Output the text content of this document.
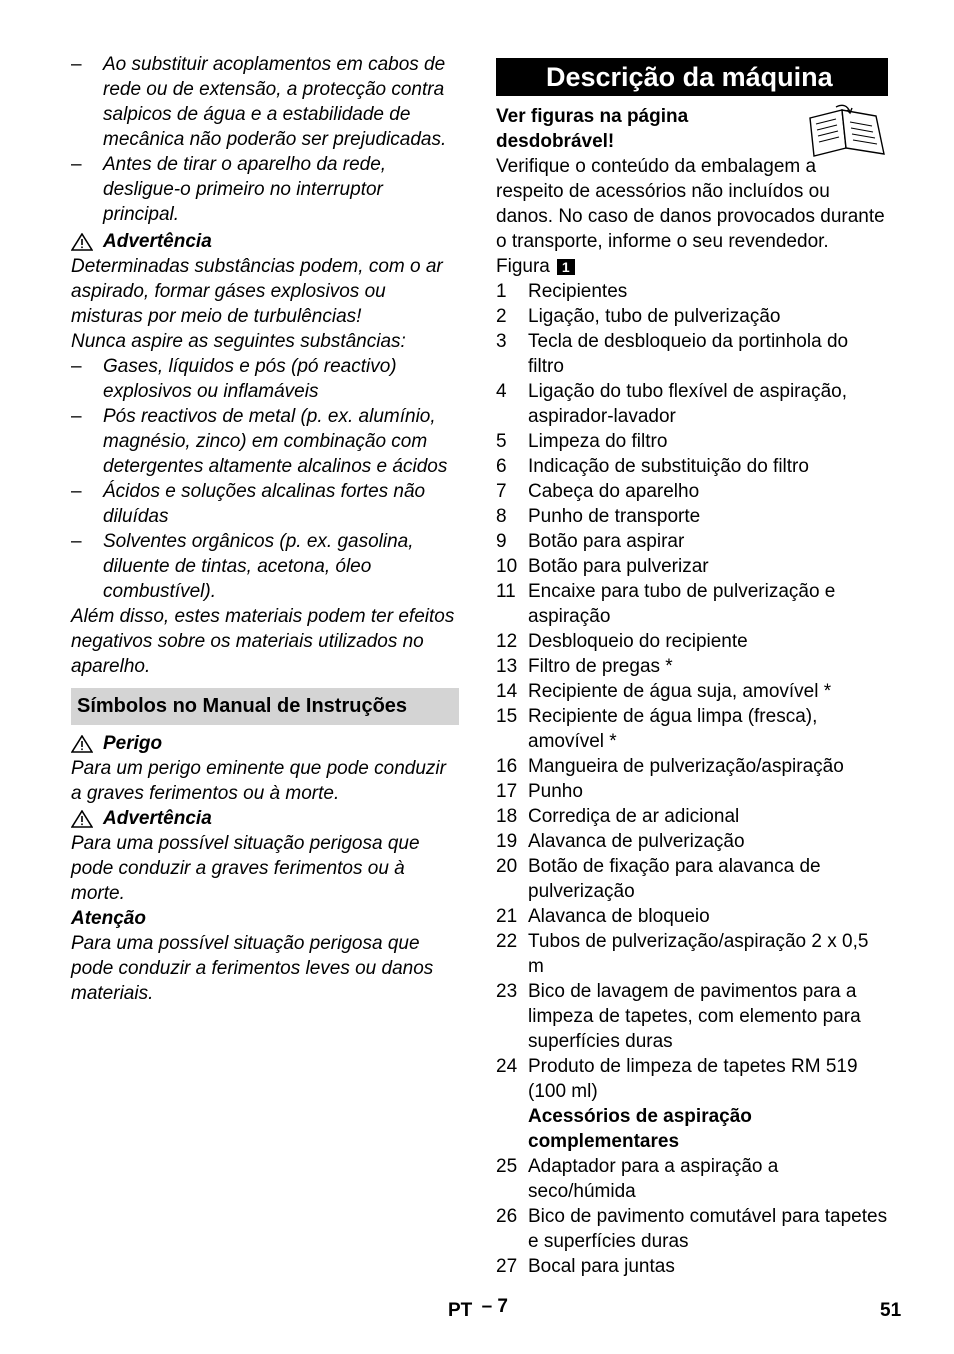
–	Ao substituir acoplamentos em cabos de rede ou de extensão, a protecção contra salpicos de água e a estabilidade de mecânica não poderão ser prejudicadas.
–	Antes de tirar o aparelho da rede, desligue-o primeiro no interruptor principal.
Advertência
Determinadas substâncias podem, com o ar aspirado, formar gáses explosivos ou misturas por meio de turbulências!
Nunca aspire as seguintes substâncias:
–	Gases, líquidos e pós (pó reactivo) explosivos ou inflamáveis
–	Pós reactivos de metal (p. ex. alumínio, magnésio, zinco) em combinação com detergentes altamente alcalinos e ácidos
–	Ácidos e soluções alcalinas fortes não diluídas
–	Solventes orgânicos (p. ex. gasolina, diluente de tintas, acetona, óleo combustível).
Além disso, estes materiais podem ter efeitos negativos sobre os materiais utilizados no aparelho.
Símbolos no Manual de Instruções
Perigo
Para um perigo eminente que pode conduzir a graves ferimentos ou à morte.
Advertência
Para uma possível situação perigosa que pode conduzir a graves ferimentos ou à morte.
Atenção
Para uma possível situação perigosa que pode conduzir a ferimentos leves ou danos materiais.
Descrição da máquina
Ver figuras na página desdobrável!
Verifique o conteúdo da embalagem a respeito de acessórios não incluídos ou danos. No caso de danos provocados durante o transporte, informe o seu revendedor.
Figura 1
1	Recipientes
2	Ligação, tubo de pulverização
3	Tecla de desbloqueio da portinhola do filtro
4	Ligação do tubo flexível de aspiração, aspirador-lavador
5	Limpeza do filtro
6	Indicação de substituição do filtro
7	Cabeça do aparelho
8	Punho de transporte
9	Botão para aspirar
10 Botão para pulverizar
11 Encaixe para tubo de pulverização e aspiração
12 Desbloqueio do recipiente
13 Filtro de pregas *
14 Recipiente de água suja, amovível *
15 Recipiente de água limpa (fresca), amovível *
16 Mangueira de pulverização/aspiração
17 Punho
18 Corrediça de ar adicional
19 Alavanca de pulverização
20 Botão de fixação para alavanca de pulverização
21 Alavanca de bloqueio
22 Tubos de pulverização/aspiração 2 x 0,5 m
23 Bico de lavagem de pavimentos para a limpeza de tapetes, com elemento para superfícies duras
24 Produto de limpeza de tapetes RM 519 (100 ml)
Acessórios de aspiração complementares
25 Adaptador para a aspiração a seco/húmida
26 Bico de pavimento comutável para tapetes e superfícies duras
27 Bocal para juntas
PT – 7	51
